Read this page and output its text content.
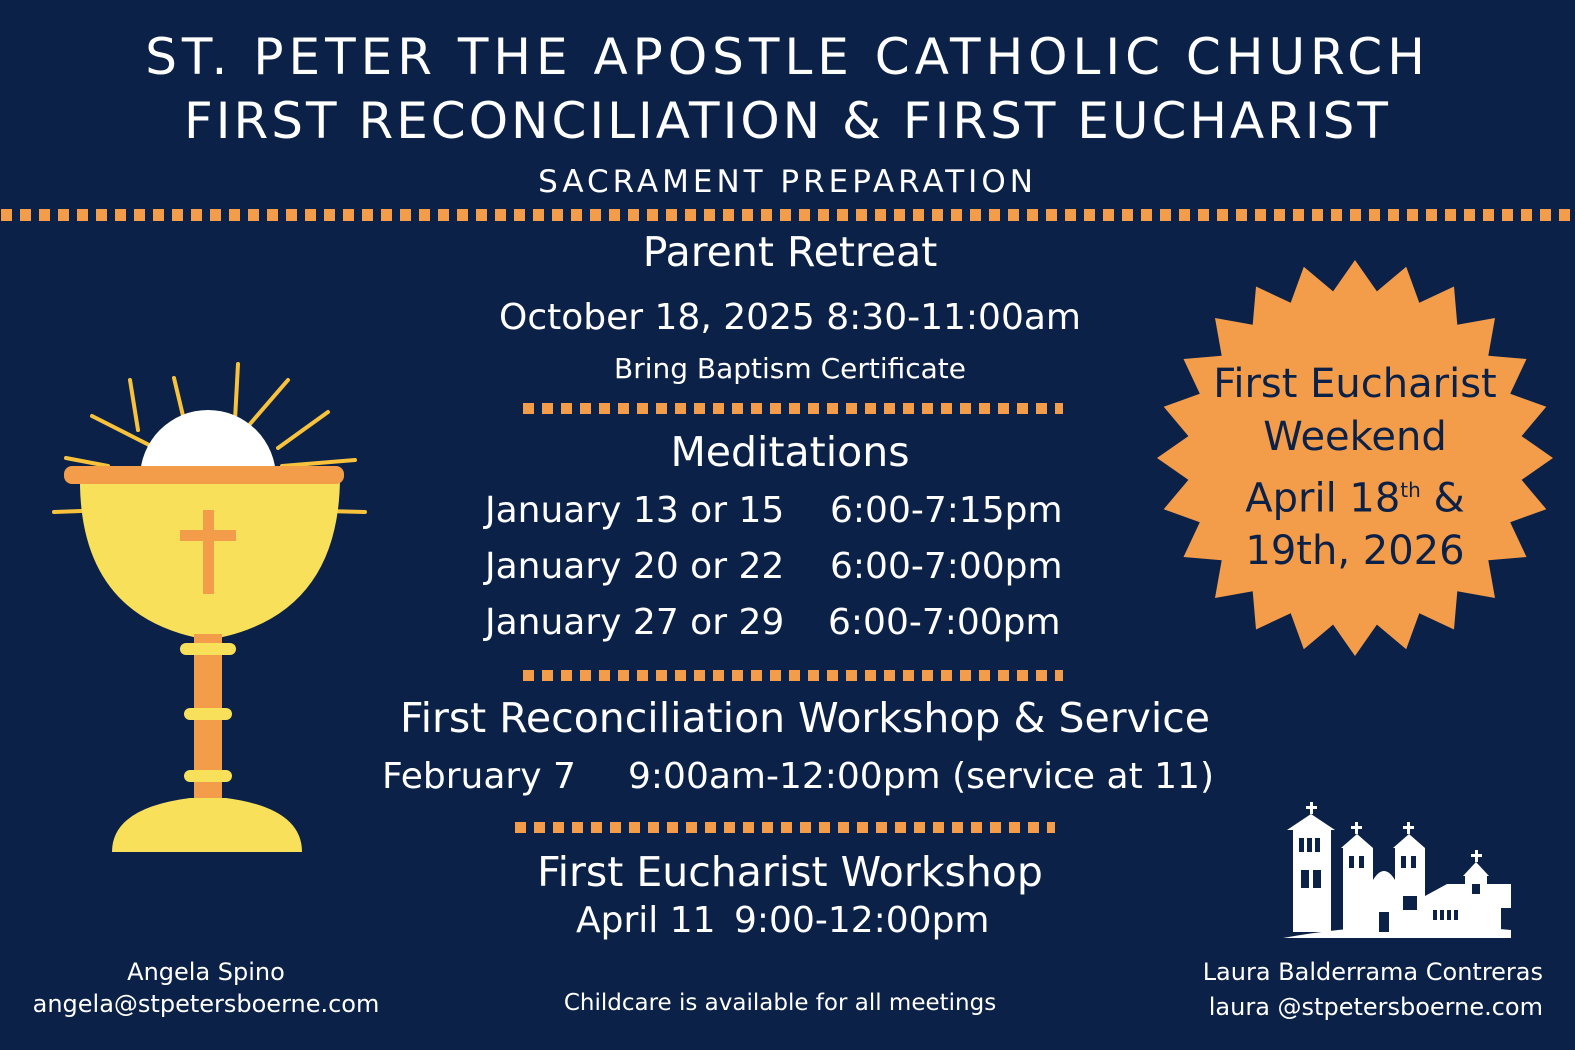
ST. PETER THE APOSTLE CATHOLIC CHURCH
FIRST RECONCILIATION & FIRST EUCHARIST
SACRAMENT PREPARATION
Parent Retreat
October 18, 2025 8:30-11:00am
Bring Baptism Certificate
Meditations
January 13 or 15 6:00-7:15pm
January 20 or 22 6:00-7:00pm
January 27 or 29 6:00-7:00pm
First Reconciliation Workshop & Service
February 7 9:00am-12:00pm (service at 11)
First Eucharist Workshop
April 11 9:00-12:00pm
First Eucharist
Weekend
April 18th &
19th, 2026
Angela Spino
angela@stpetersboerne.com	Childcare is available for all meetings
Laura Balderrama Contreras
laura @stpetersboerne.com
